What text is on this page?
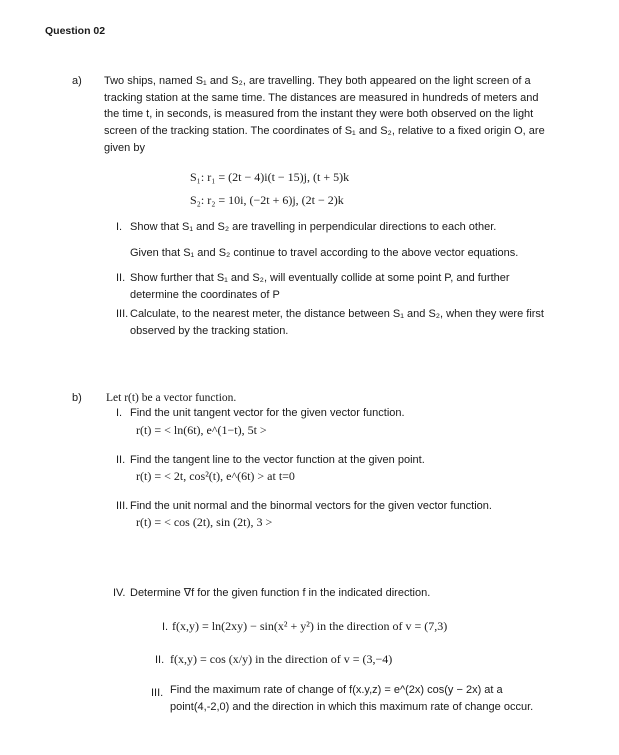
Question 02
a) Two ships, named S₁ and S₂, are travelling. They both appeared on the light screen of a tracking station at the same time. The distances are measured in hundreds of meters and the time t, in seconds, is measured from the instant they were both observed on the light screen of the tracking station. The coordinates of S₁ and S₂, relative to a fixed origin O, are given by
S₁: r₁ = (2t − 4)i(t − 15)j, (t + 5)k
S₂: r₂ = 10i, (−2t + 6)j, (2t − 2)k
I. Show that S₁ and S₂ are travelling in perpendicular directions to each other.
Given that S₁ and S₂ continue to travel according to the above vector equations.
II. Show further that S₁ and S₂, will eventually collide at some point P, and further determine the coordinates of P
III. Calculate, to the nearest meter, the distance between S₁ and S₂, when they were first observed by the tracking station.
b) Let r(t) be a vector function.
I. Find the unit tangent vector for the given vector function.
r(t) = < ln(6t), e^(1−t), 5t >
II. Find the tangent line to the vector function at the given point.
r(t) = < 2t, cos²(t), e^(6t) > at t=0
III. Find the unit normal and the binormal vectors for the given vector function.
r(t) = < cos (2t), sin (2t), 3 >
IV. Determine ∇f for the given function f in the indicated direction.
I. f(x,y) = ln(2xy) − sin(x² + y²) in the direction of v = (7,3)
II. f(x,y) = cos (x/y) in the direction of v = (3,−4)
III. Find the maximum rate of change of f(x.y,z) = e^(2x) cos(y − 2x) at a point(4,-2,0) and the direction in which this maximum rate of change occur.
